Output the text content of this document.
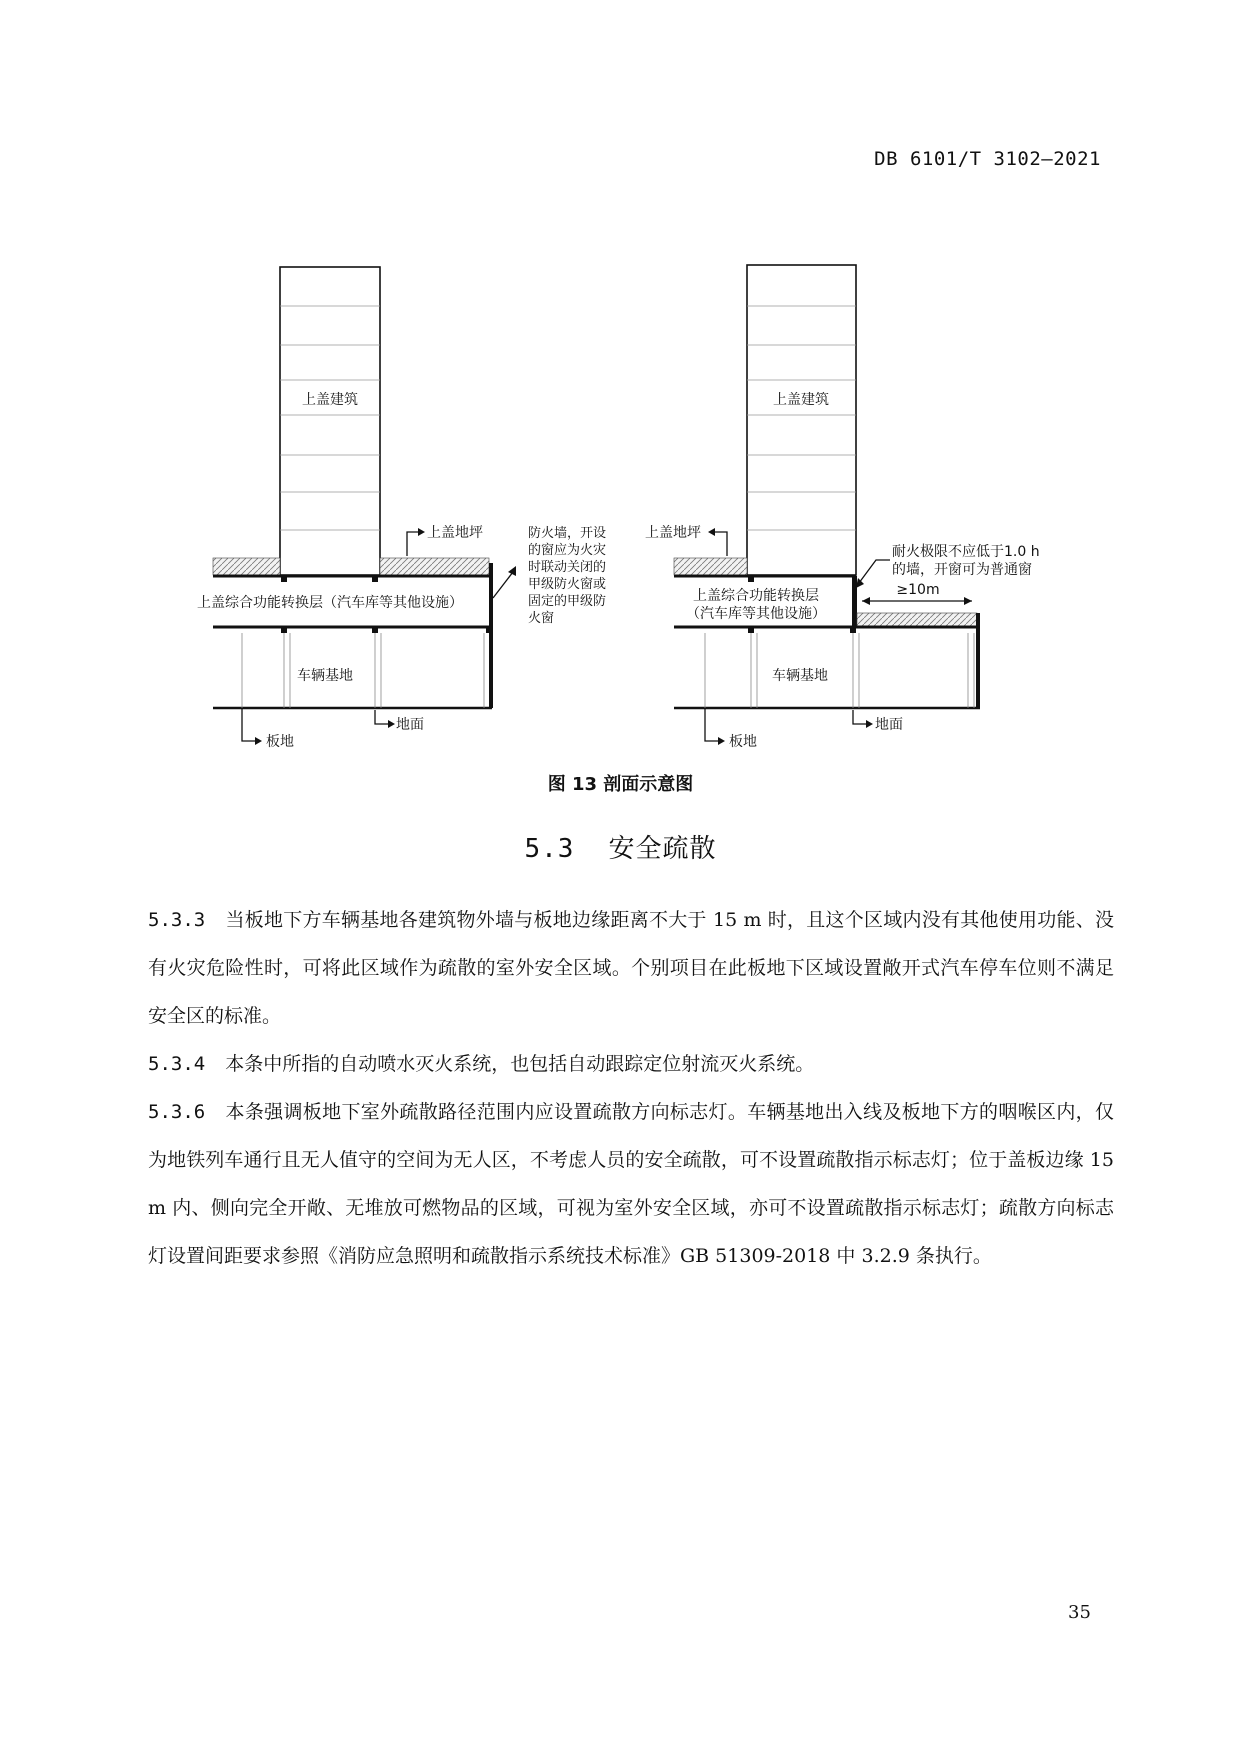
DB 6101/T 3102—2021
上盖建筑
上盖综合功能转换层（汽车库等其他设施）
车辆基地
上盖地坪	防火墙，开设
的窗应为火灾
时联动关闭的
甲级防火窗或
固定的甲级防
火窗
板地
地面
上盖建筑
上盖综合功能转换层
（汽车库等其他设施）
车辆基地
上盖地坪
耐火极限不应低于1.0 h
的墙，开窗可为普通窗
≥10m
板地
地面
图 13 剖面示意图
5.3 安全疏散

5.3.3 当板地下方车辆基地各建筑物外墙与板地边缘距离不大于 15 m 时，且这个区域内没有其他使用功能、没有火灾危险性时，可将此区域作为疏散的室外安全区域。个别项目在此板地下区域设置敞开式汽车停车位则不满足安全区的标准。

5.3.4 本条中所指的自动喷水灭火系统，也包括自动跟踪定位射流灭火系统。

5.3.6 本条强调板地下室外疏散路径范围内应设置疏散方向标志灯。车辆基地出入线及板地下方的咽喉区内，仅为地铁列车通行且无人值守的空间为无人区，不考虑人员的安全疏散，可不设置疏散指示标志灯；位于盖板边缘 15 m 内、侧向完全开敞、无堆放可燃物品的区域，可视为室外安全区域，亦可不设置疏散指示标志灯；疏散方向标志灯设置间距要求参照《消防应急照明和疏散指示系统技术标准》GB 51309-2018 中 3.2.9 条执行。

35
